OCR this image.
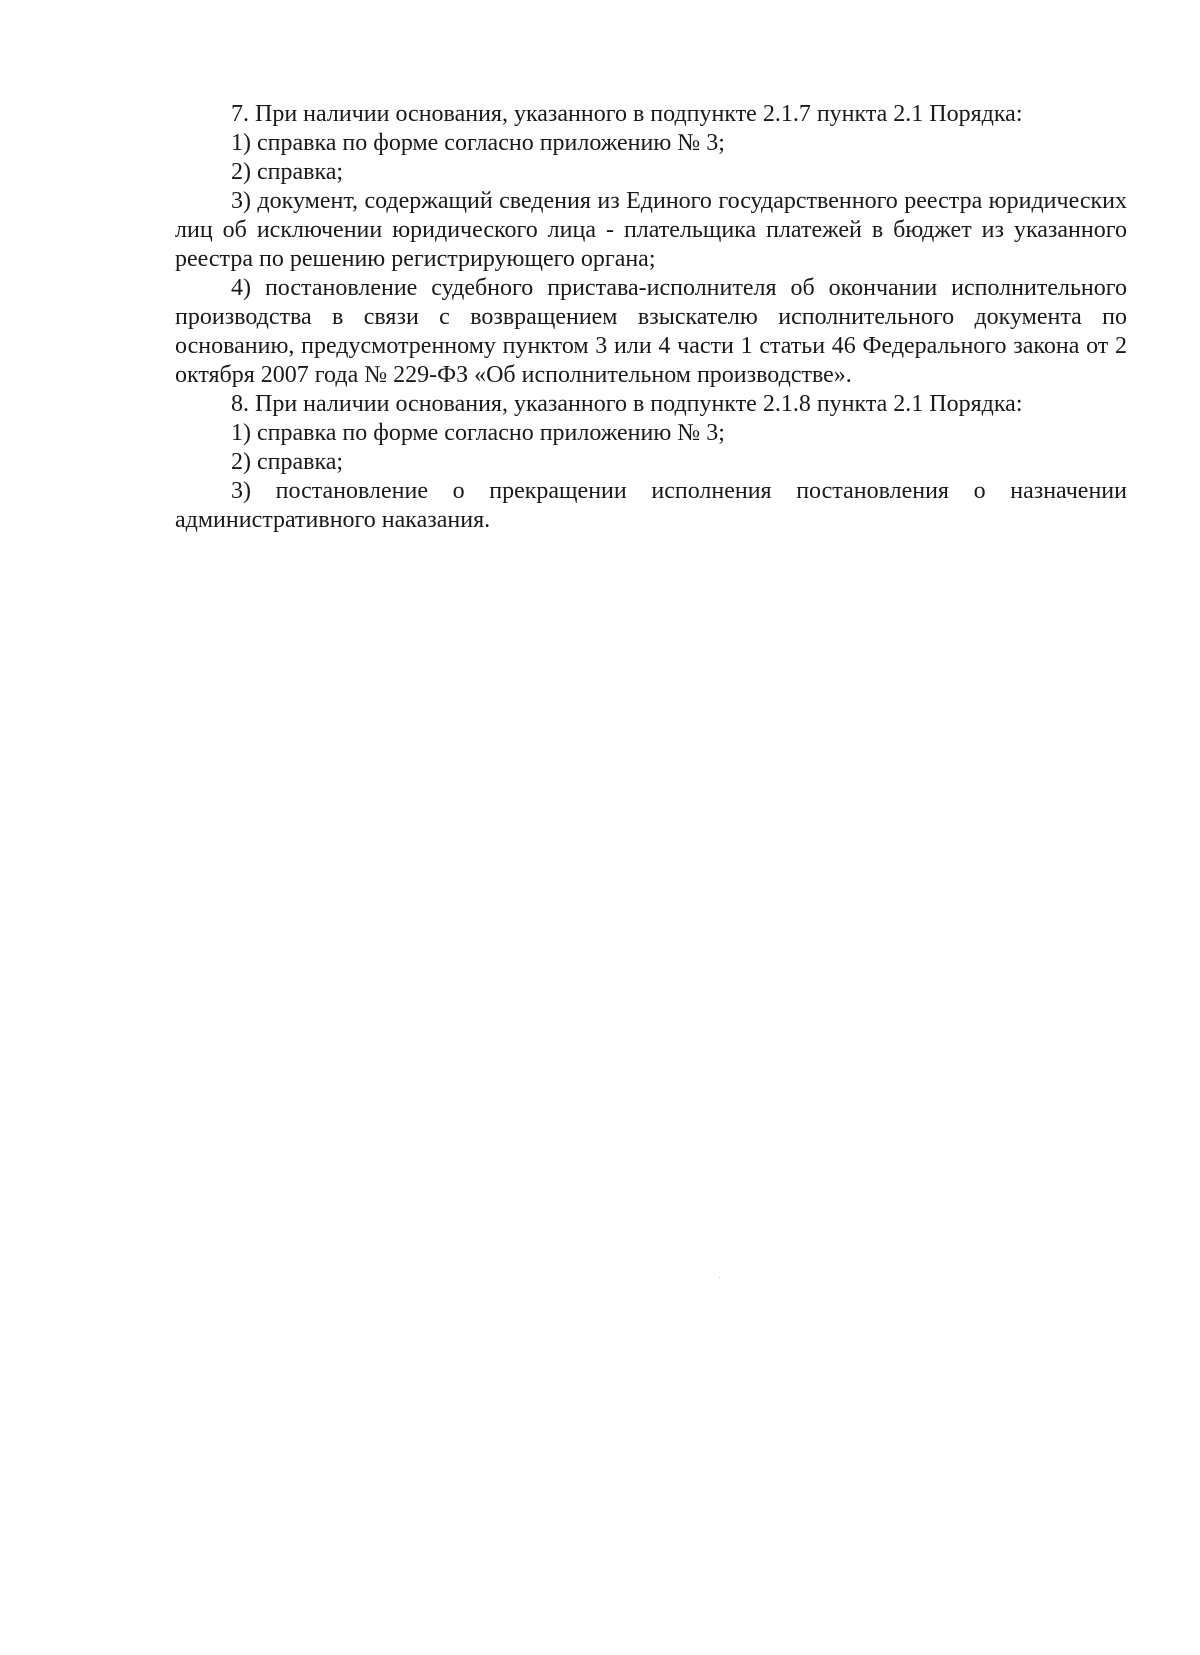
7. При наличии основания, указанного в подпункте 2.1.7 пункта 2.1 Порядка:

1) справка по форме согласно приложению № 3;

2) справка;

3) документ, содержащий сведения из Единого государственного реестра юридических лиц об исключении юридического лица - плательщика платежей в бюджет из указанного реестра по решению регистрирующего органа;

4) постановление судебного пристава-исполнителя об окончании исполнительного производства в связи с возвращением взыскателю исполнительного документа по основанию, предусмотренному пунктом 3 или 4 части 1 статьи 46 Федерального закона от 2 октября 2007 года № 229-ФЗ «Об исполнительном производстве».

8. При наличии основания, указанного в подпункте 2.1.8 пункта 2.1 Порядка:

1) справка по форме согласно приложению № 3;

2) справка;

3) постановление о прекращении исполнения постановления о назначении административного наказания.
